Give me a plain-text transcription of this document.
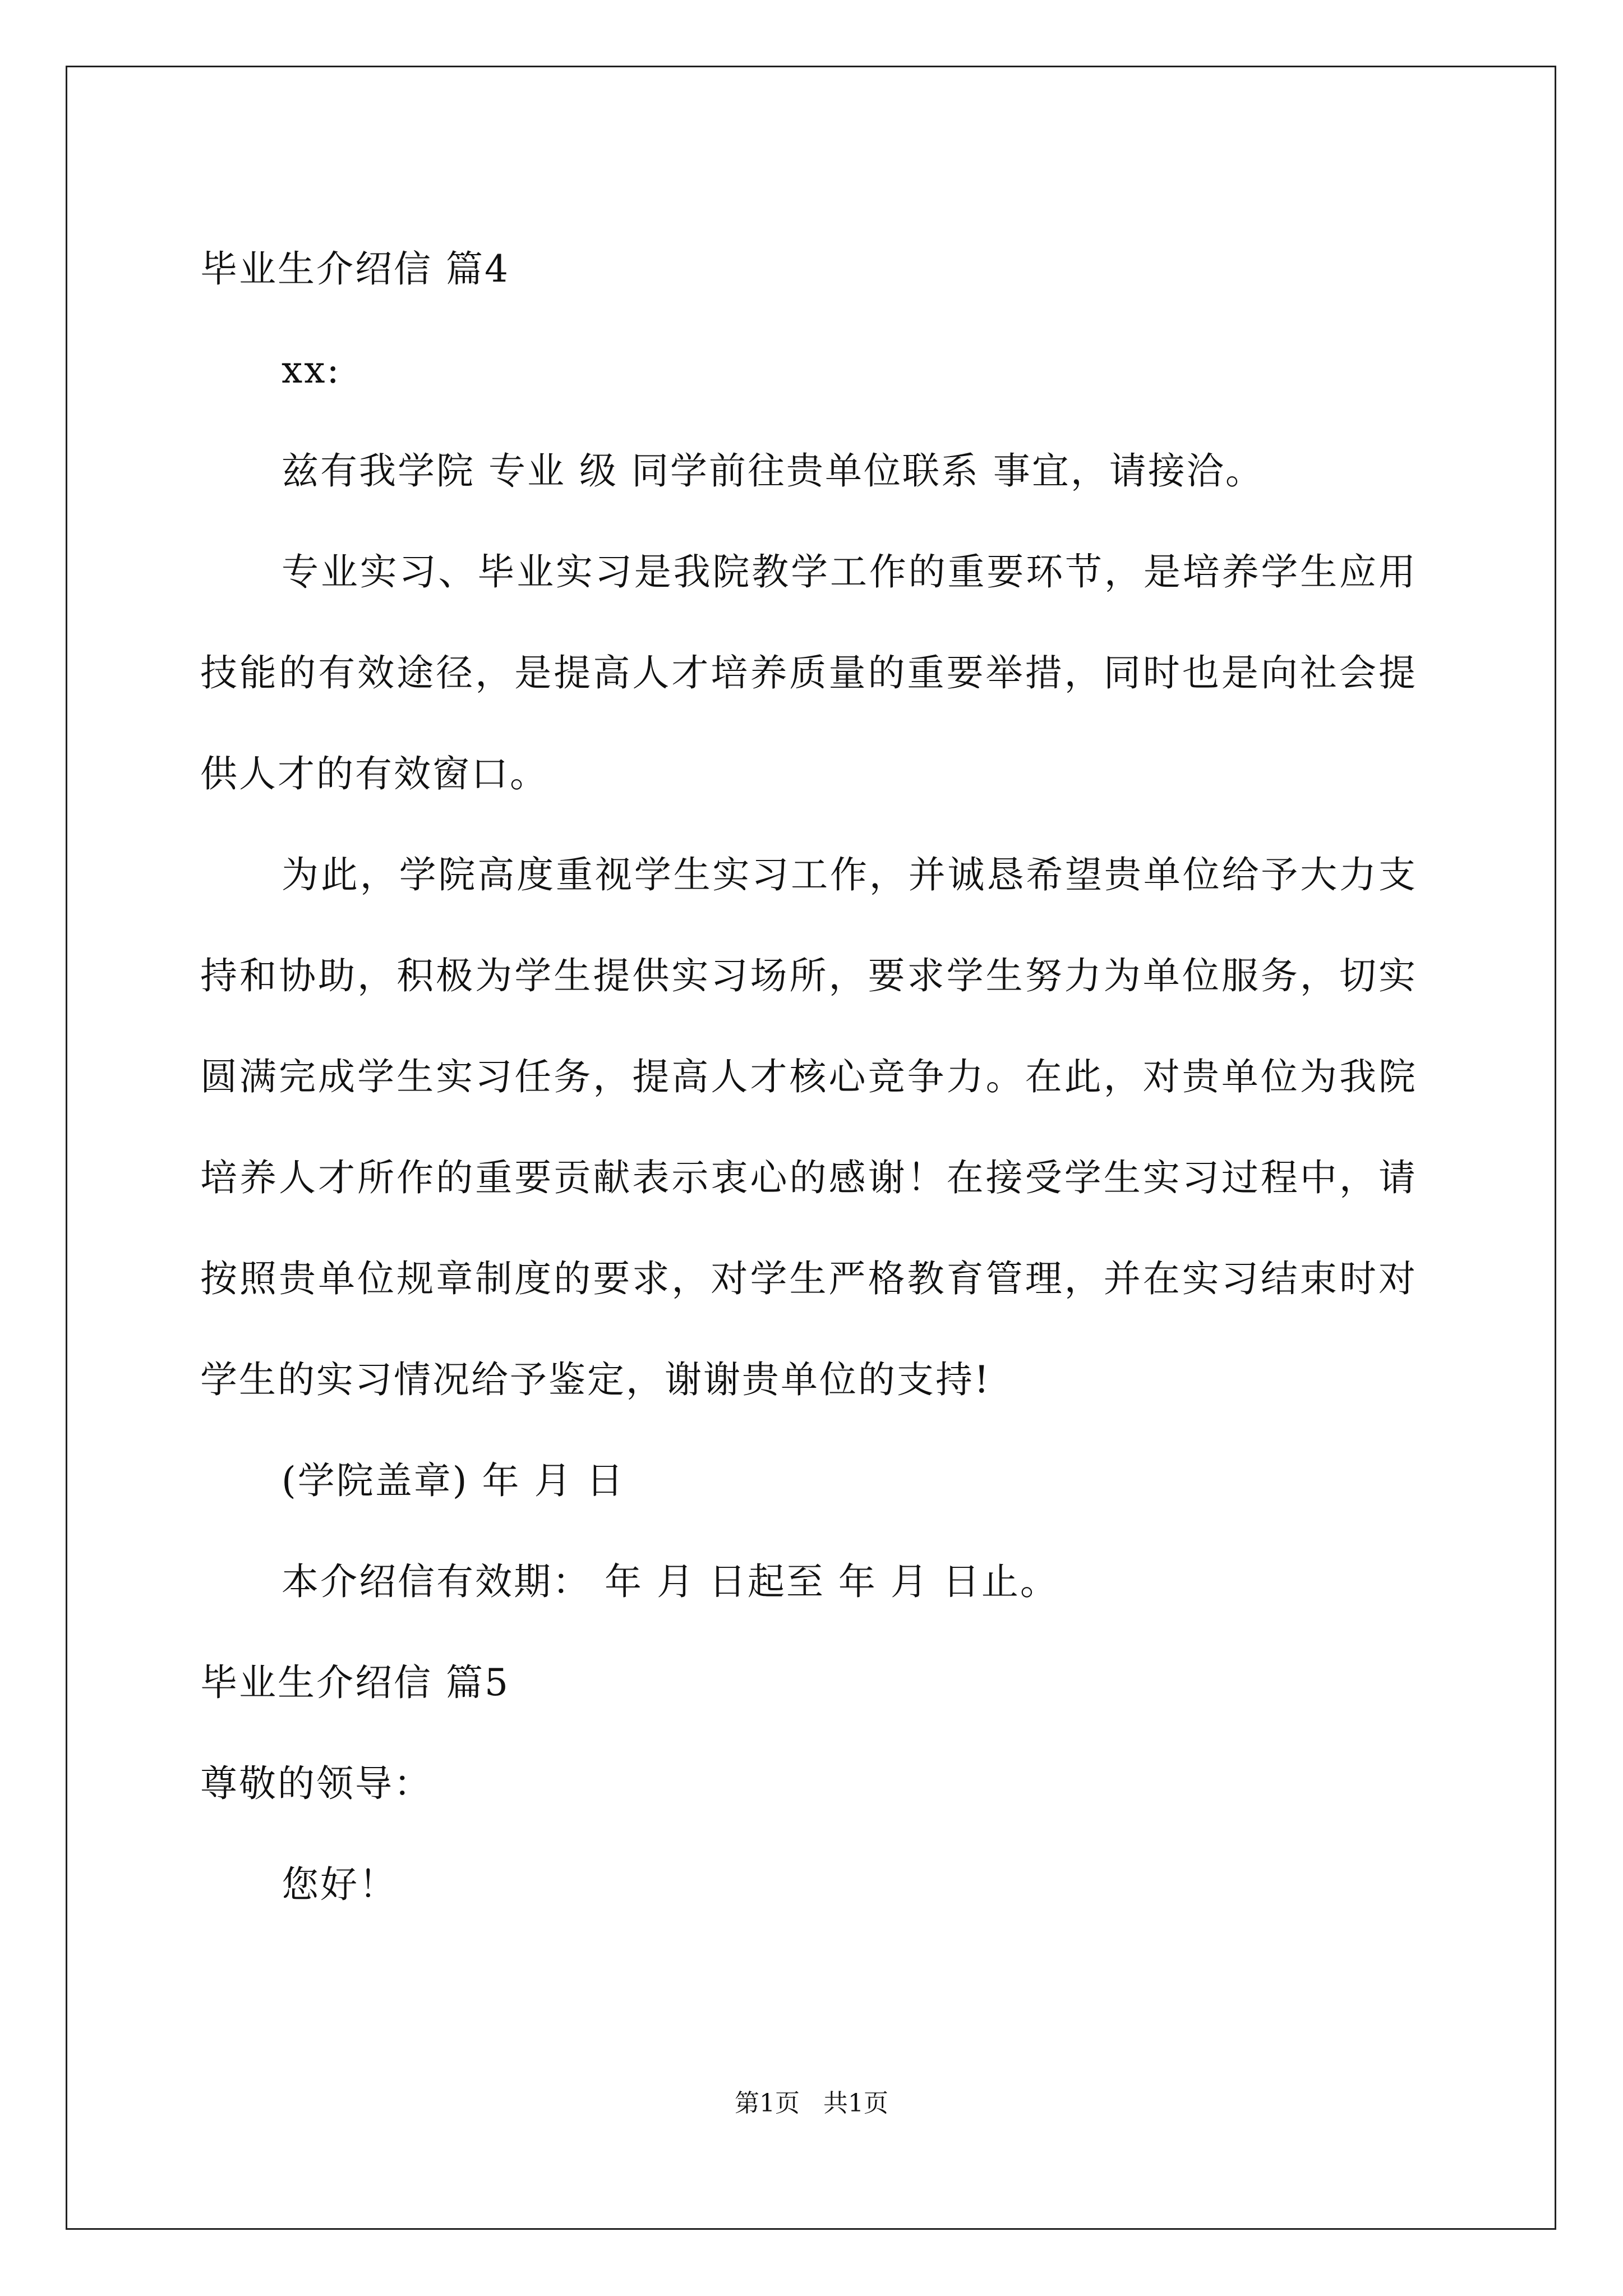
毕业生介绍信 篇4
xx:
兹有我学院 专业 级 同学前往贵单位联系 事宜，请接洽。
专业实习、毕业实习是我院教学工作的重要环节，是培养学生应用技能的有效途径，是提高人才培养质量的重要举措，同时也是向社会提供人才的有效窗口。
为此，学院高度重视学生实习工作，并诚恳希望贵单位给予大力支持和协助，积极为学生提供实习场所，要求学生努力为单位服务，切实圆满完成学生实习任务，提高人才核心竞争力。在此，对贵单位为我院培养人才所作的重要贡献表示衷心的感谢！在接受学生实习过程中，请按照贵单位规章制度的要求，对学生严格教育管理，并在实习结束时对学生的实习情况给予鉴定，谢谢贵单位的支持!
(学院盖章) 年 月 日
本介绍信有效期： 年 月 日起至 年 月 日止。
毕业生介绍信 篇5
尊敬的领导：
您好！
第1页 共1页
